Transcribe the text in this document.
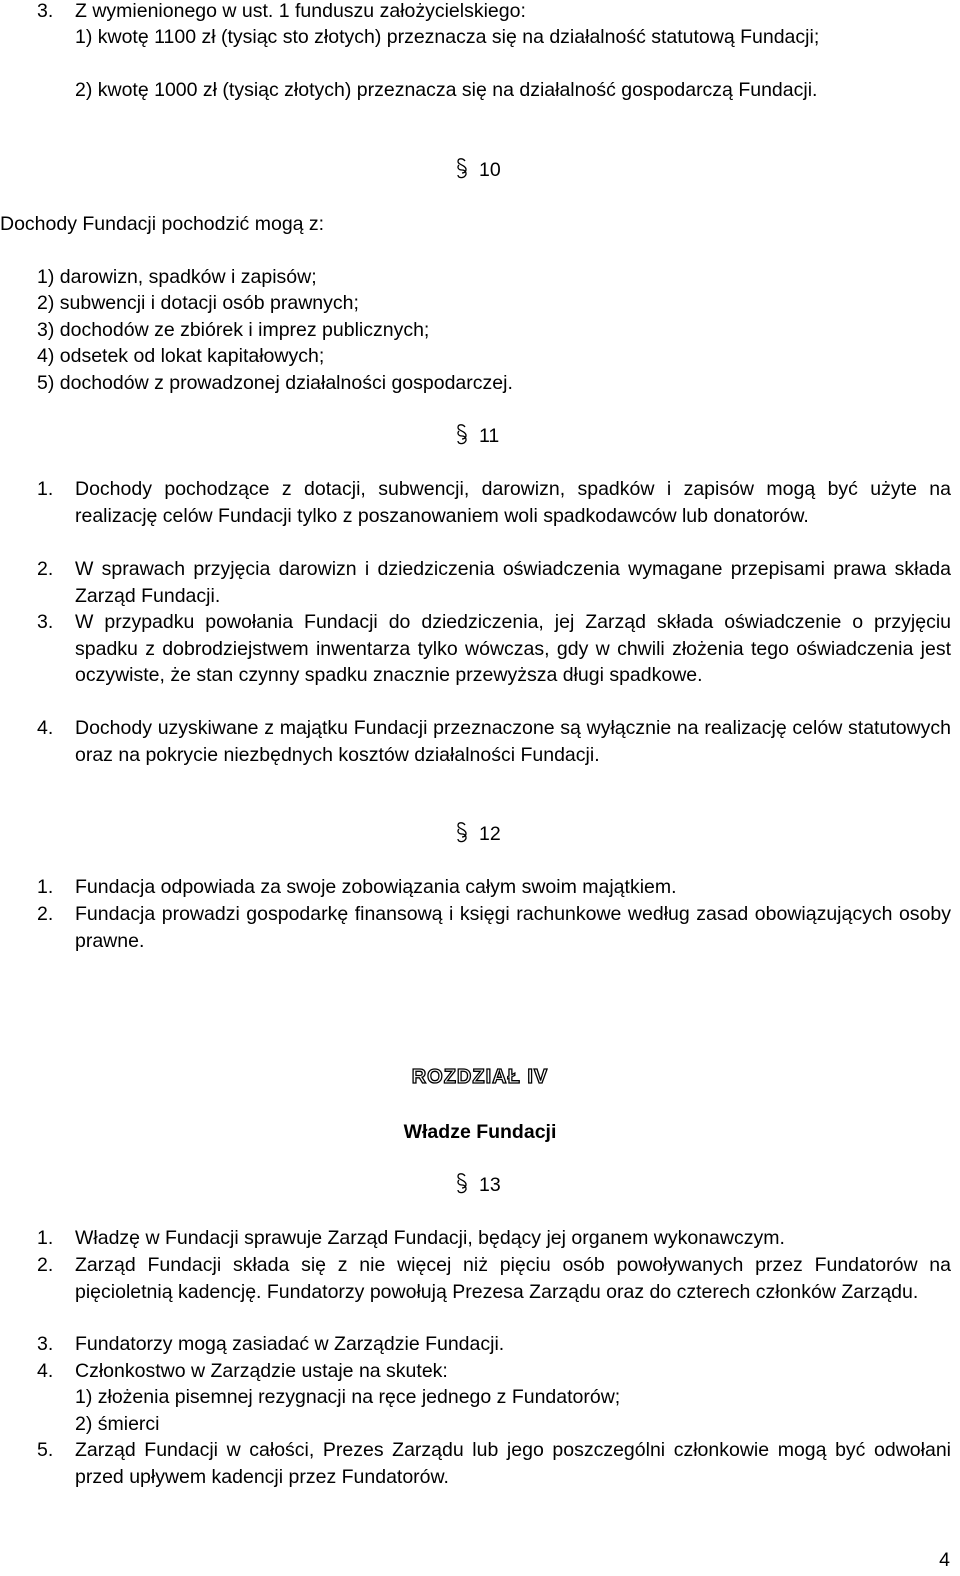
3. Z wymienionego w ust. 1 funduszu założycielskiego:
1) kwotę 1100 zł (tysiąc sto złotych) przeznacza się na działalność statutową Fundacji;
2) kwotę 1000 zł (tysiąc złotych) przeznacza się na działalność gospodarczą Fundacji.
10
Dochody Fundacji pochodzić mogą z:
1) darowizn, spadków i zapisów;
2) subwencji i dotacji osób prawnych;
3) dochodów ze zbiórek i imprez publicznych;
4) odsetek od lokat kapitałowych;
5) dochodów z prowadzonej działalności gospodarczej.
11
1. Dochody pochodzące z dotacji, subwencji, darowizn, spadków i zapisów mogą być użyte na realizację celów Fundacji tylko z poszanowaniem woli spadkodawców lub donatorów.
2. W sprawach przyjęcia darowizn i dziedziczenia oświadczenia wymagane przepisami prawa składa Zarząd Fundacji.
3. W przypadku powołania Fundacji do dziedziczenia, jej Zarząd składa oświadczenie o przyjęciu spadku z dobrodziejstwem inwentarza tylko wówczas, gdy w chwili złożenia tego oświadczenia jest oczywiste, że stan czynny spadku znacznie przewyższa długi spadkowe.
4. Dochody uzyskiwane z majątku Fundacji przeznaczone są wyłącznie na realizację celów statutowych oraz na pokrycie niezbędnych kosztów działalności Fundacji.
12
1. Fundacja odpowiada za swoje zobowiązania całym swoim majątkiem.
2. Fundacja prowadzi gospodarkę finansową i księgi rachunkowe według zasad obowiązujących osoby prawne.
ROZDZIAŁ IV
Władze Fundacji
13
1. Władzę w Fundacji sprawuje Zarząd Fundacji, będący jej organem wykonawczym.
2. Zarząd Fundacji składa się z nie więcej niż pięciu osób powoływanych przez Fundatorów na pięcioletnią kadencję. Fundatorzy powołują Prezesa Zarządu oraz do czterech członków Zarządu.
3. Fundatorzy mogą zasiadać w Zarządzie Fundacji.
4. Członkostwo w Zarządzie ustaje na skutek:
1) złożenia pisemnej rezygnacji na ręce jednego z Fundatorów;
2) śmierci
5. Zarząd Fundacji w całości, Prezes Zarządu lub jego poszczególni członkowie mogą być odwołani przed upływem kadencji przez Fundatorów.
4
